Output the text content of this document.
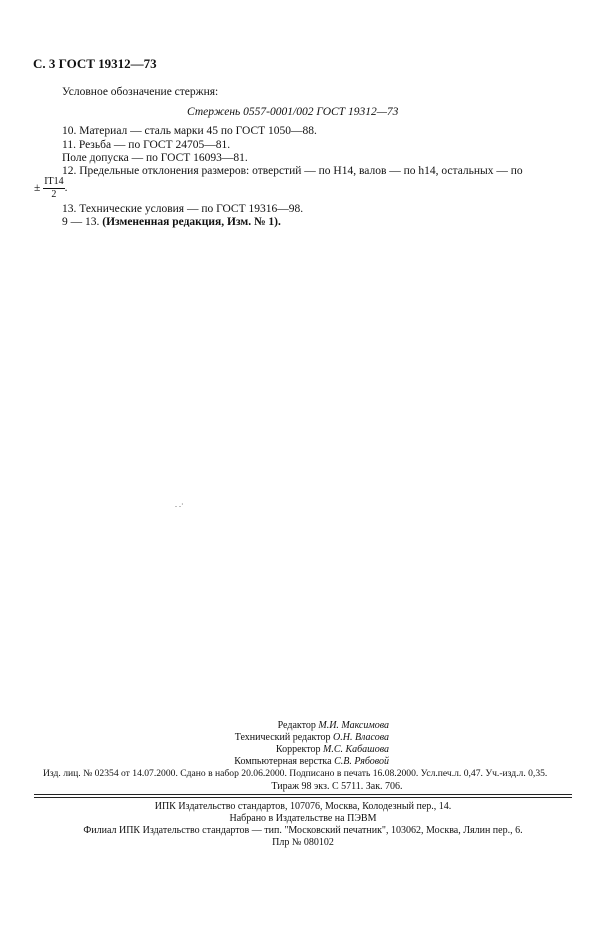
С. 3 ГОСТ 19312—73
Условное обозначение стержня:
Стержень 0557-0001/002 ГОСТ 19312—73
10. Материал — сталь марки 45 по ГОСТ 1050—88.
11. Резьба — по ГОСТ 24705—81.
Поле допуска — по ГОСТ 16093—81.
12. Предельные отклонения размеров: отверстий — по H14, валов — по h14, остальных — по
± $\frac{IT14}{2}$ .
13. Технические условия — по ГОСТ 19316—98.
9 — 13. (Измененная редакция, Изм. № 1).
. .·
Редактор М.И. Максимова
Технический редактор О.Н. Власова
Корректор М.С. Кабашова
Компьютерная верстка С.В. Рябовой
Изд. лиц. № 02354 от 14.07.2000. Сдано в набор 20.06.2000. Подписано в печать 16.08.2000. Усл.печ.л. 0,47. Уч.-изд.л. 0,35.
Тираж 98 экз. С 5711. Зак. 706.
ИПК Издательство стандартов, 107076, Москва, Колодезный пер., 14.
Набрано в Издательстве на ПЭВМ
Филиал ИПК Издательство стандартов — тип. "Московский печатник", 103062, Москва, Лялин пер., 6.
Плр № 080102
